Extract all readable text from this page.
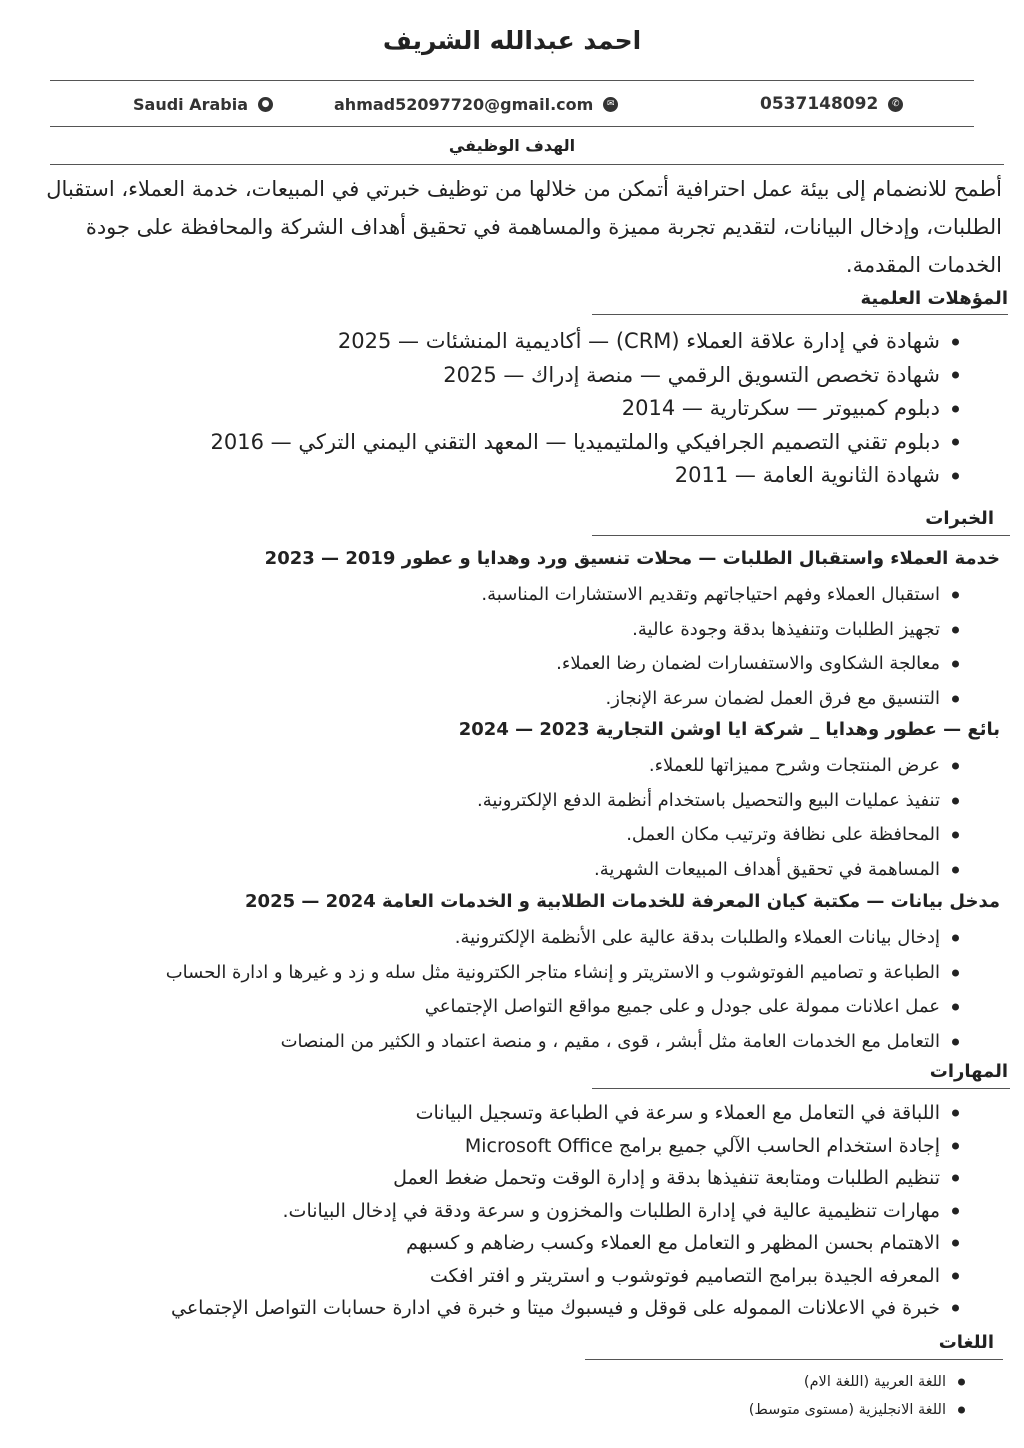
احمد عبدالله الشريف
Saudi Arabia	●	ahmad52097720@gmail.com	✉	0537148092	✆
الهدف الوظيفي
أطمح للانضمام إلى بيئة عمل احترافية أتمكن من خلالها من توظيف خبرتي في المبيعات، خدمة العملاء، استقبال الطلبات، وإدخال البيانات، لتقديم تجربة مميزة والمساهمة في تحقيق أهداف الشركة والمحافظة على جودة الخدمات المقدمة.
المؤهلات العلمية
شهادة في إدارة علاقة العملاء (CRM) — أكاديمية المنشئات — 2025
شهادة تخصص التسويق الرقمي — منصة إدراك — 2025
دبلوم كمبيوتر — سكرتارية — 2014
دبلوم تقني التصميم الجرافيكي والملتيميديا — المعهد التقني اليمني التركي — 2016
شهادة الثانوية العامة — 2011
الخبرات
خدمة العملاء واستقبال الطلبات — محلات تنسيق ورد وهدايا و عطور 2019 — 2023
استقبال العملاء وفهم احتياجاتهم وتقديم الاستشارات المناسبة.
تجهيز الطلبات وتنفيذها بدقة وجودة عالية.
معالجة الشكاوى والاستفسارات لضمان رضا العملاء.
التنسيق مع فرق العمل لضمان سرعة الإنجاز.
بائع — عطور وهدايا _ شركة ايا اوشن التجارية 2023 — 2024
عرض المنتجات وشرح مميزاتها للعملاء.
تنفيذ عمليات البيع والتحصيل باستخدام أنظمة الدفع الإلكترونية.
المحافظة على نظافة وترتيب مكان العمل.
المساهمة في تحقيق أهداف المبيعات الشهرية.
مدخل بيانات — مكتبة كيان المعرفة للخدمات الطلابية و الخدمات العامة 2024 — 2025
إدخال بيانات العملاء والطلبات بدقة عالية على الأنظمة الإلكترونية.
الطباعة و تصاميم الفوتوشوب و الاستريتر و إنشاء متاجر الكترونية مثل سله و زد و غيرها و ادارة الحساب
عمل اعلانات ممولة على جودل و على جميع مواقع التواصل الإجتماعي
التعامل مع الخدمات العامة مثل أبشر ، قوى ، مقيم ، و منصة اعتماد و الكثير من المنصات
المهارات
اللباقة في التعامل مع العملاء و سرعة في الطباعة وتسجيل البيانات
إجادة استخدام الحاسب الآلي جميع برامج Microsoft Office
تنظيم الطلبات ومتابعة تنفيذها بدقة و إدارة الوقت وتحمل ضغط العمل
مهارات تنظيمية عالية في إدارة الطلبات والمخزون و سرعة ودقة في إدخال البيانات.
الاهتمام بحسن المظهر و التعامل مع العملاء وكسب رضاهم و كسبهم
المعرفه الجيدة ببرامج التصاميم فوتوشوب و استريتر و افتر افكت
خبرة في الاعلانات المموله على قوقل و فيسبوك ميتا و خبرة في ادارة حسابات التواصل الإجتماعي
اللغات
اللغة العربية (اللغة الام)
اللغة الانجليزية (مستوى متوسط)
